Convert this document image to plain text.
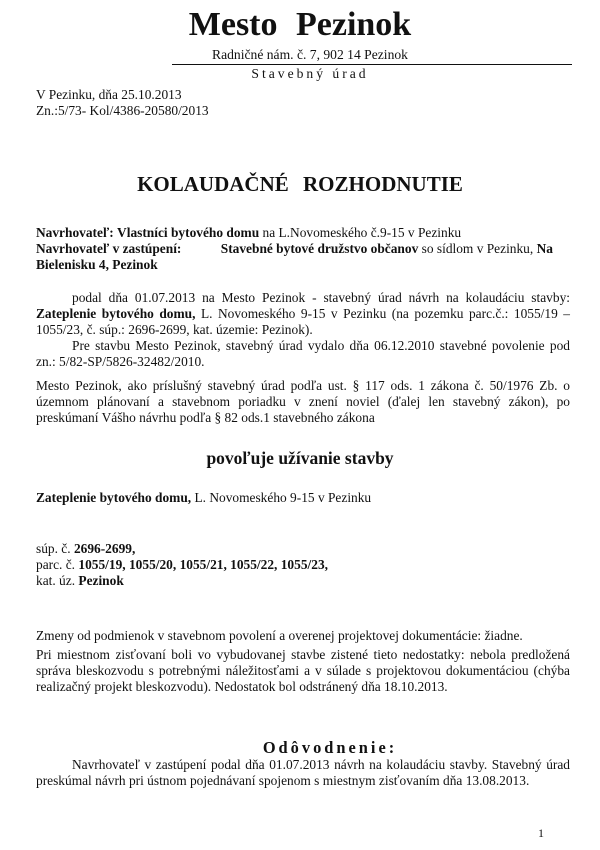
Mesto Pezinok
Radničné nám. č. 7, 902 14 Pezinok
Stavebný úrad

V Pezinku, dňa 25.10.2013

Zn.:5/73- Kol/4386-20580/2013

KOLAUDAČNÉ ROZHODNUTIE

Navrhovateľ: Vlastníci bytového domu na L.Novomeského č.9-15 v Pezinku

Navrhovateľ v zastúpení:	Stavebné bytové družstvo občanov so sídlom v Pezinku, Na Bielenisku 4, Pezinok

podal dňa 01.07.2013 na Mesto Pezinok - stavebný úrad návrh na kolaudáciu stavby: Zateplenie bytového domu, L. Novomeského 9-15 v Pezinku (na pozemku parc.č.: 1055/19 – 1055/23, č. súp.: 2696-2699, kat. územie: Pezinok).

Pre stavbu Mesto Pezinok, stavebný úrad vydalo dňa 06.12.2010 stavebné povolenie pod zn.: 5/82-SP/5826-32482/2010.

Mesto Pezinok, ako príslušný stavebný úrad podľa ust. § 117 ods. 1 zákona č. 50/1976 Zb. o územnom plánovaní a stavebnom poriadku v znení noviel (ďalej len stavebný zákon), po preskúmaní Vášho návrhu podľa § 82 ods.1 stavebného zákona

povoľuje užívanie stavby

Zateplenie bytového domu, L. Novomeského 9-15 v Pezinku

súp. č. 2696-2699,

parc. č. 1055/19, 1055/20, 1055/21, 1055/22, 1055/23,

kat. úz. Pezinok

Zmeny od podmienok v stavebnom povolení a overenej projektovej dokumentácie: žiadne.

Pri miestnom zisťovaní boli vo vybudovanej stavbe zistené tieto nedostatky: nebola predložená správa bleskozvodu s potrebnými náležitosťami a v súlade s projektovou dokumentáciou (chýba realizačný projekt bleskozvodu). Nedostatok bol odstránený dňa 18.10.2013.

Odôvodnenie:

Navrhovateľ v zastúpení podal dňa 01.07.2013 návrh na kolaudáciu stavby. Stavebný úrad preskúmal návrh pri ústnom pojednávaní spojenom s miestnym zisťovaním dňa 13.08.2013.

1
